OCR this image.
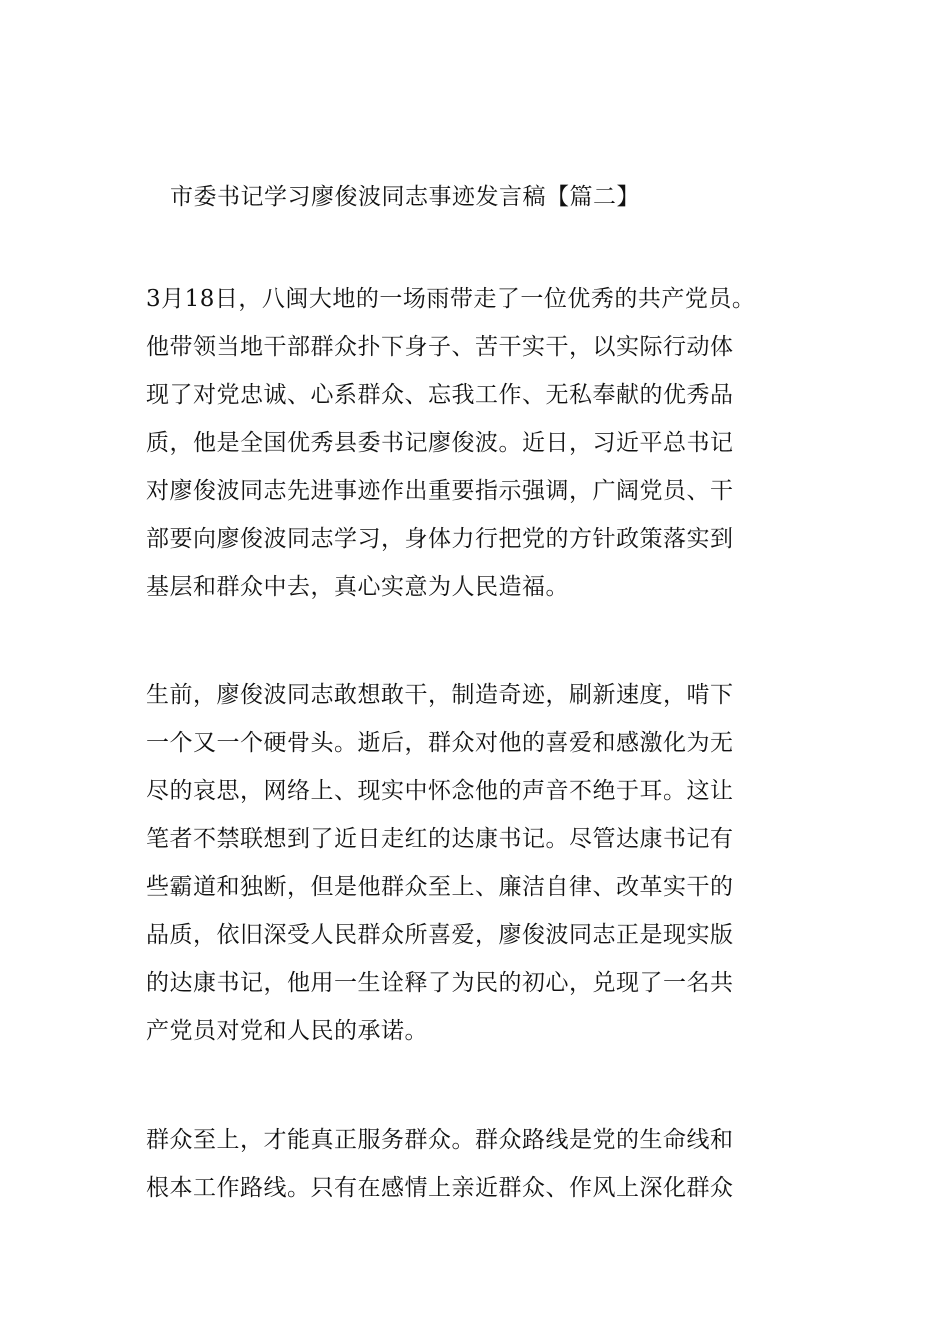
市委书记学习廖俊波同志事迹发言稿【篇二】

3月18日，八闽大地的一场雨带走了一位优秀的共产党员。
他带领当地干部群众扑下身子、苦干实干，以实际行动体
现了对党忠诚、心系群众、忘我工作、无私奉献的优秀品
质，他是全国优秀县委书记廖俊波。近日，习近平总书记
对廖俊波同志先进事迹作出重要指示强调，广阔党员、干
部要向廖俊波同志学习，身体力行把党的方针政策落实到
基层和群众中去，真心实意为人民造福。

生前，廖俊波同志敢想敢干，制造奇迹，刷新速度，啃下
一个又一个硬骨头。逝后，群众对他的喜爱和感激化为无
尽的哀思，网络上、现实中怀念他的声音不绝于耳。这让
笔者不禁联想到了近日走红的达康书记。尽管达康书记有
些霸道和独断，但是他群众至上、廉洁自律、改革实干的
品质，依旧深受人民群众所喜爱，廖俊波同志正是现实版
的达康书记，他用一生诠释了为民的初心，兑现了一名共
产党员对党和人民的承诺。

群众至上，才能真正服务群众。群众路线是党的生命线和
根本工作路线。只有在感情上亲近群众、作风上深化群众
